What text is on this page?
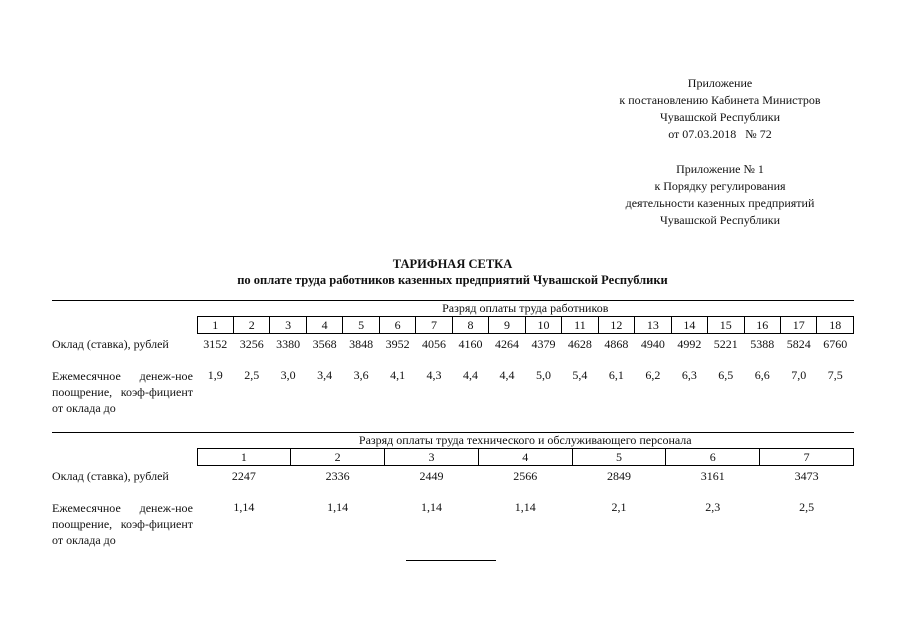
Приложение
к постановлению Кабинета Министров
Чувашской Республики
от 07.03.2018   № 72
Приложение № 1
к Порядку регулирования
деятельности казенных предприятий
Чувашской Республики
ТАРИФНАЯ СЕТКА
по оплате труда работников казенных предприятий Чувашской Республики
	Разряд оплаты труда работников																	
	1	2	3	4	5	6	7	8	9	10	11	12	13	14	15	16	17	18
Оклад (ставка), рублей	3152	3256	3380	3568	3848	3952	4056	4160	4264	4379	4628	4868	4940	4992	5221	5388	5824	6760
Ежемесячное денеж-ное поощрение, коэф-фициент от оклада до	1,9	2,5	3,0	3,4	3,6	4,1	4,3	4,4	4,4	5,0	5,4	6,1	6,2	6,3	6,5	6,6	7,0	7,5
	Разряд оплаты труда технического и обслуживающего персонала						
	1	2	3	4	5	6	7
Оклад (ставка), рублей	2247	2336	2449	2566	2849	3161	3473
Ежемесячное денеж-ное поощрение, коэф-фициент от оклада до	1,14	1,14	1,14	1,14	2,1	2,3	2,5
